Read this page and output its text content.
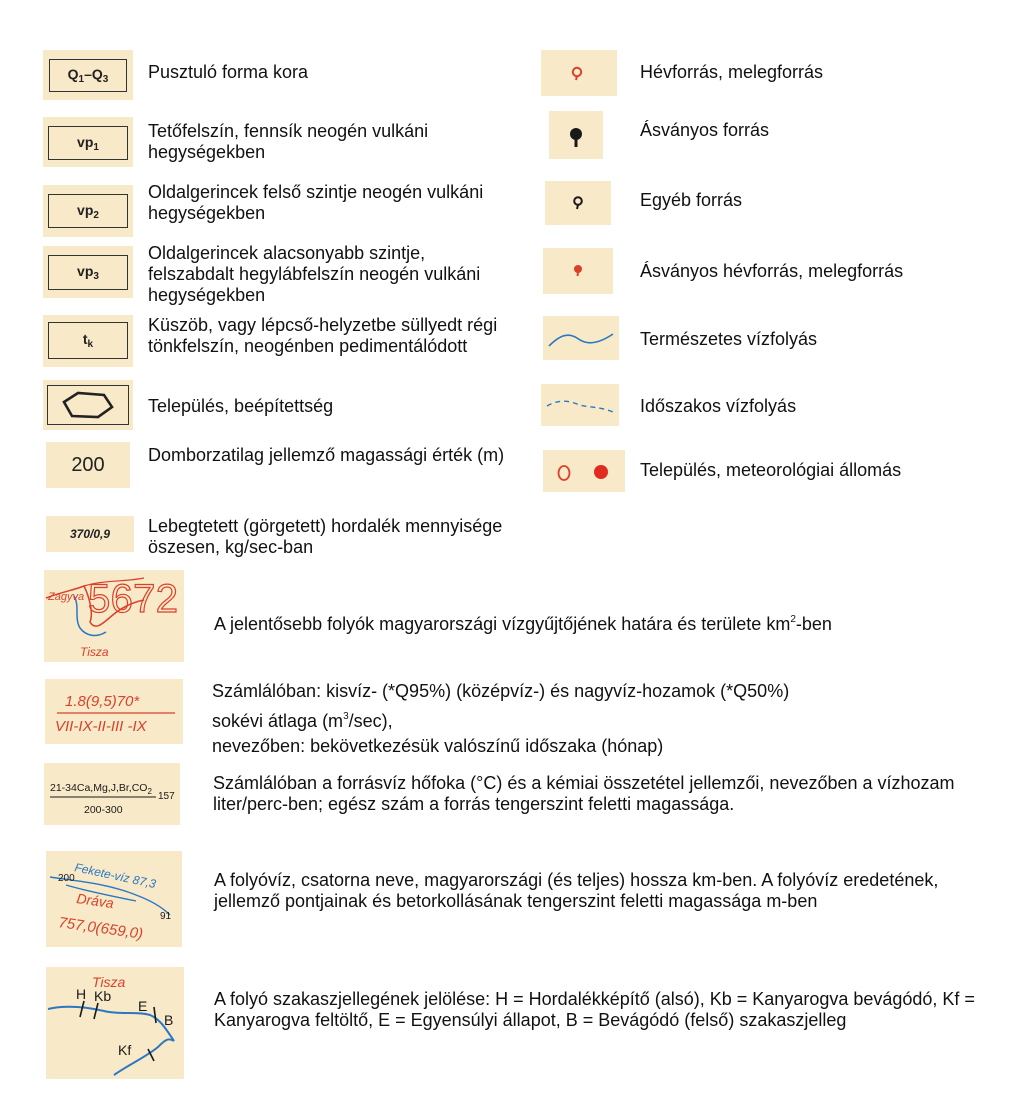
$Q_1-Q_3$ Pusztuló forma kora
$vp_1$
Tetőfelszín, fennsík neogén vulkáni hegységekben
$vp_2$
Oldalgerincek felső szintje neogén vulkáni hegységekben
$vp_3$
Oldalgerincek alacsonyabb szintje, felszabdalt hegylábfelszín neogén vulkáni hegységekben
$t_k$
Küszöb, vagy lépcső-helyzetbe süllyedt régi tönkfelszín, neogénben pedimentálódott
Település, beépítettség
200	Domborzatilag jellemző magassági érték (m)
370/0,9	Lebegtetett (görgetett) hordalék mennyisége öszesen, kg/sec-ban
Hévforrás, melegforrás
Ásványos forrás
Egyéb forrás
Ásványos hévforrás, melegforrás
Természetes vízfolyás
Időszakos vízfolyás
Település, meteorológiai állomás
Zagyva 5672
Tisza
A jelentősebb folyók magyarországi vízgyűjtőjének határa és területe $km^2$-ben
1.8(9,5)70*
VII-IX-II-III -IX
Számlálóban: kisvíz- (*Q95%) (középvíz-) és nagyvíz-hozamok (*Q50%)
sokévi átlaga $(m^3/\sec)$,
nevezőben: bekövetkezésük valószínű időszaka (hónap)
$21-34Ca,Mg,J,Br,CO_2$ 157
200-300
Számlálóban a forrásvíz hőfoka (°C) és a kémiai összetétel jellemzői, nevezőben a vízhozam liter/perc-ben; egész szám a forrás tengerszint feletti magassága.
Fekete-víz 87,3
200
Dráva
91
757,0(659,0)
A folyóvíz, csatorna neve, magyarországi (és teljes) hossza km-ben. A folyóvíz eredetének, jellemző pontjainak és betorkollásának tengerszint feletti magassága m-ben
Tisza
H Kb
E
B
Kf
A folyó szakaszjellegének jelölése: H = Hordalékképítő (alsó), Kb = Kanyarogva bevágódó, Kf = Kanyarogva feltöltő, E = Egyensúlyi állapot, B = Bevágódó (felső) szakaszjelleg
